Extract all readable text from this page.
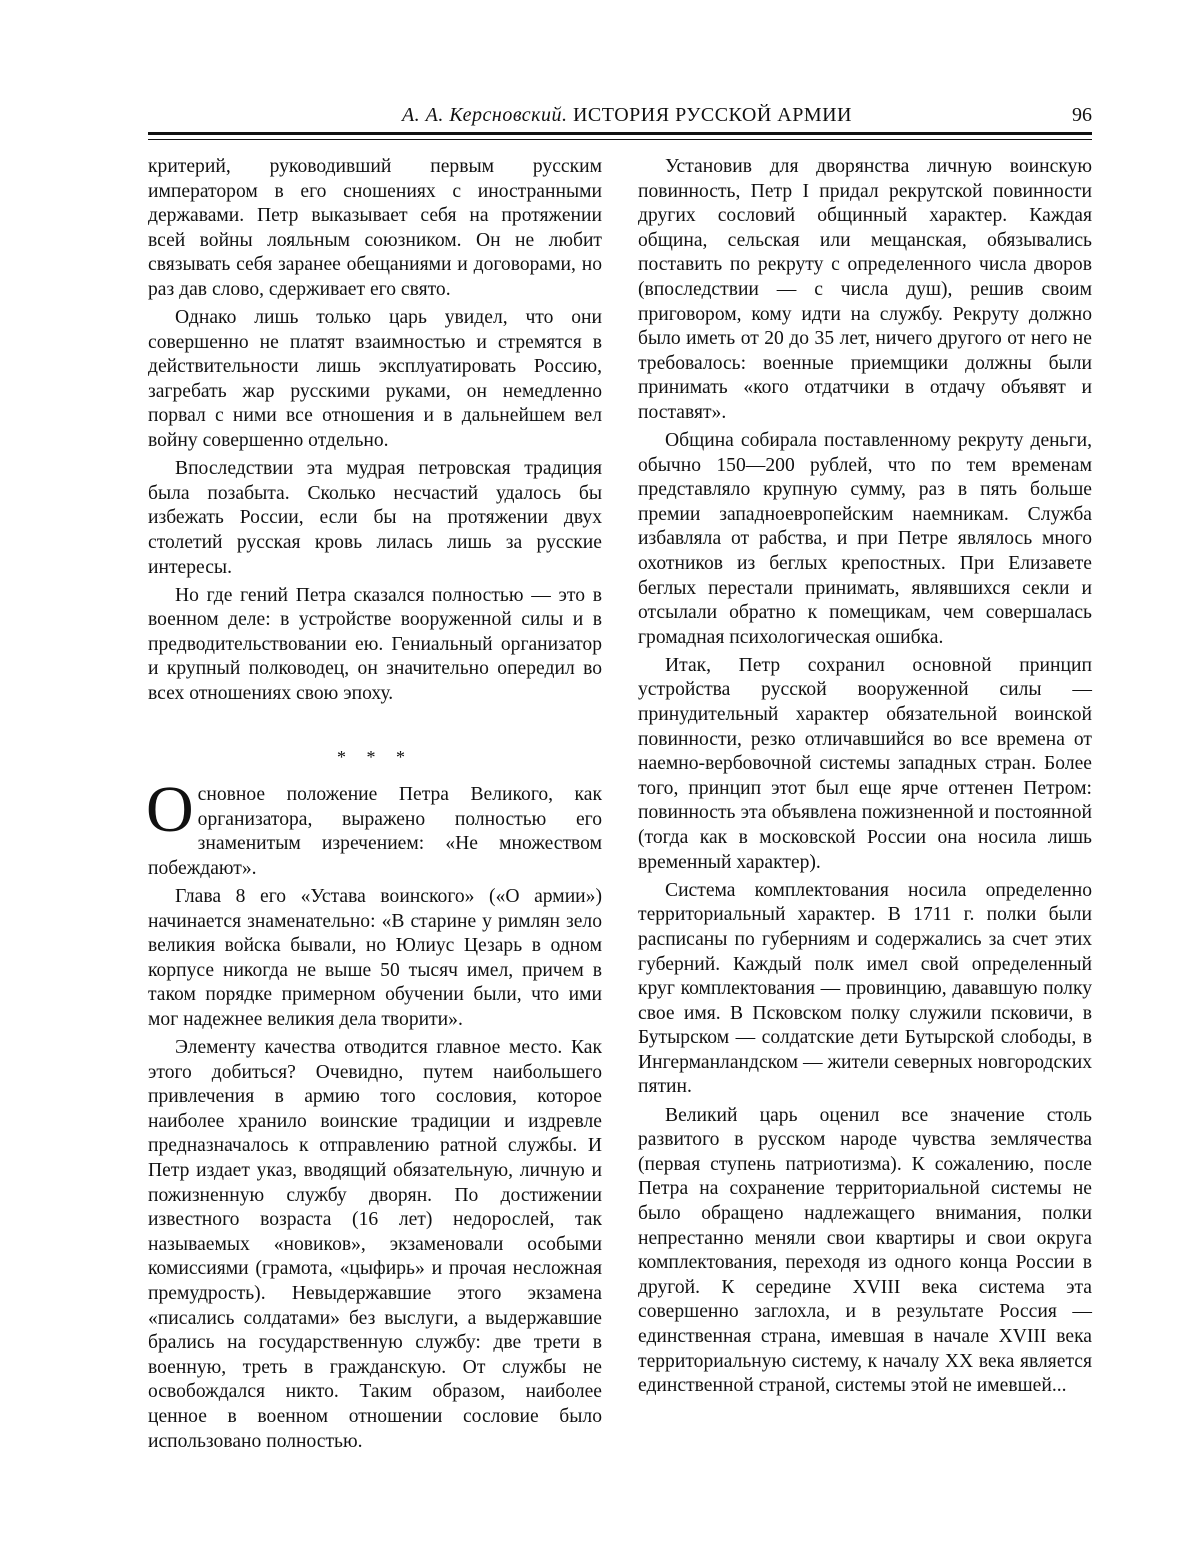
А. А. Керсновский. ИСТОРИЯ РУССКОЙ АРМИИ	96

критерий, руководивший первым русским императором в его сношениях с иностранными державами. Петр выказывает себя на протяжении всей войны лояльным союзником. Он не любит связывать себя заранее обещаниями и договорами, но раз дав слово, сдерживает его свято.

Однако лишь только царь увидел, что они совершенно не платят взаимностью и стремятся в действительности лишь эксплуатировать Россию, загребать жар русскими руками, он немедленно порвал с ними все отношения и в дальнейшем вел войну совершенно отдельно.

Впоследствии эта мудрая петровская традиция была позабыта. Сколько несчастий удалось бы избежать России, если бы на протяжении двух столетий русская кровь лилась лишь за русские интересы.

Но где гений Петра сказался полностью — это в военном деле: в устройстве вооруженной силы и в предводительствовании ею. Гениальный организатор и крупный полководец, он значительно опередил во всех отношениях свою эпоху.

* * *

Основное положение Петра Великого, как организатора, выражено полностью его знаменитым изречением: «Не множеством побеждают».

Глава 8 его «Устава воинского» («О армии») начинается знаменательно: «В старине у римлян зело великия войска бывали, но Юлиус Цезарь в одном корпусе никогда не выше 50 тысяч имел, причем в таком порядке примерном обучении были, что ими мог надежнее великия дела творити».

Элементу качества отводится главное место. Как этого добиться? Очевидно, путем наибольшего привлечения в армию того сословия, которое наиболее хранило воинские традиции и издревле предназначалось к отправлению ратной службы. И Петр издает указ, вводящий обязательную, личную и пожизненную службу дворян. По достижении известного возраста (16 лет) недорослей, так называемых «новиков», экзаменовали особыми комиссиями (грамота, «цыфирь» и прочая несложная премудрость). Невыдержавшие этого экзамена «писались солдатами» без выслуги, а выдержавшие брались на государственную службу: две трети в военную, треть в гражданскую. От службы не освобождался никто. Таким образом, наиболее ценное в военном отношении сословие было использовано полностью.

Установив для дворянства личную воинскую повинность, Петр I придал рекрутской повинности других сословий общинный характер. Каждая община, сельская или мещанская, обязывались поставить по рекруту с определенного числа дворов (впоследствии — с числа душ), решив своим приговором, кому идти на службу. Рекруту должно было иметь от 20 до 35 лет, ничего другого от него не требовалось: военные приемщики должны были принимать «кого отдатчики в отдачу объявят и поставят».

Община собирала поставленному рекруту деньги, обычно 150—200 рублей, что по тем временам представляло крупную сумму, раз в пять больше премии западноевропейским наемникам. Служба избавляла от рабства, и при Петре являлось много охотников из беглых крепостных. При Елизавете беглых перестали принимать, являвшихся секли и отсылали обратно к помещикам, чем совершалась громадная психологическая ошибка.

Итак, Петр сохранил основной принцип устройства русской вооруженной силы — принудительный характер обязательной воинской повинности, резко отличавшийся во все времена от наемно-вербовочной системы западных стран. Более того, принцип этот был еще ярче оттенен Петром: повинность эта объявлена пожизненной и постоянной (тогда как в московской России она носила лишь временный характер).

Система комплектования носила определенно территориальный характер. В 1711 г. полки были расписаны по губерниям и содержались за счет этих губерний. Каждый полк имел свой определенный круг комплектования — провинцию, дававшую полку свое имя. В Псковском полку служили псковичи, в Бутырском — солдатские дети Бутырской слободы, в Ингерманландском — жители северных новгородских пятин.

Великий царь оценил все значение столь развитого в русском народе чувства землячества (первая ступень патриотизма). К сожалению, после Петра на сохранение территориальной системы не было обращено надлежащего внимания, полки непрестанно меняли свои квартиры и свои округа комплектования, переходя из одного конца России в другой. К середине XVIII века система эта совершенно заглохла, и в результате Россия — единственная страна, имевшая в начале XVIII века территориальную систему, к началу XX века является единственной страной, системы этой не имевшей...
